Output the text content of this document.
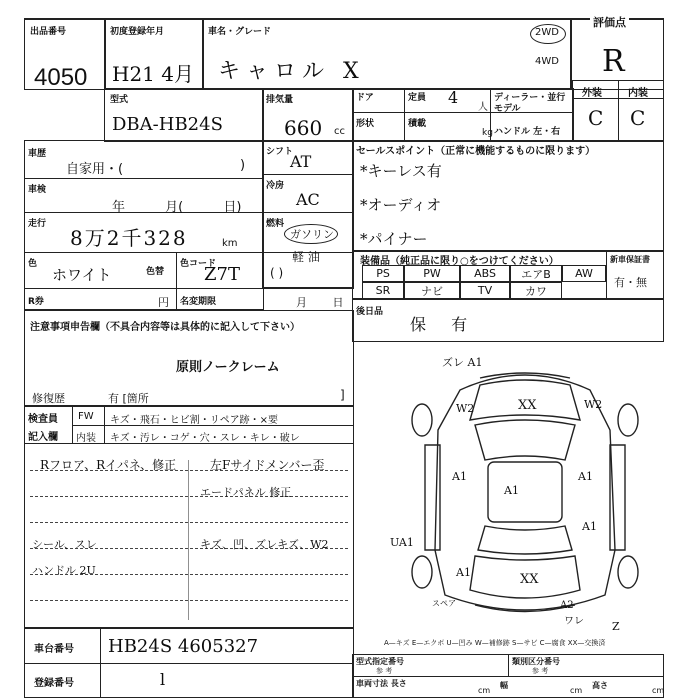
出品番号
4050
初度登録年月
H21 4月
車名・グレード
キャロル X
2WD
4WD
評価点
R
型式
DBA-HB24S
排気量
660 cc
ドア	定員 4
人
ディーラー・並行
モデル
形状	積載
kg ハンドル 左・右
外装	内装
C C
車歴
自家用・(	)
車検
年 月( 日)
走行
8万2千328	km
色
ホワイト	色替
色コード
Z7T
R券	円 名変期限	月 日
シフト
AT
冷房
AC
燃料
ガソリン
軽 油
( )
セールスポイント（正常に機能するものに限ります）
*キーレス有
*オーディオ
*パイナー
装備品（純正品に限り○をつけてください）
PS	PW	ABS	エアB	AW
SR	ナビ	TV	カワ
新車保証書
有・無
後日品
保 有
注意事項申告欄（不具合内容等は具体的に記入して下さい）
原則ノークレーム
修復歴	有 [箇所	]
検査員
記入欄
FW
内装
キズ・飛石・ヒビ割・リペア跡・×要
キズ・汚レ・コゲ・穴・スレ・キレ・破レ
Rフロア、Rイパネ、修正	左Fサイドメンバー歪
エードパネル 修正
シール、スレ	キズ、凹、ズレキズ、W2
ハンドル 2U
ズレ A1
W2	XX	W2
A1
A1
A1
A1
UA1
A1	XX
スペア	A2
ワレ	Z
A—キズ E—エクボ U—凹み W—補修跡 S—サビ C—腐食 XX—交換済
車台番号 HB24S 4605327
登録番号	l
型式指定番号
参 考
類別区分番号
参 考
車両寸法 長さ
cm
幅
cm
高さ
cm
